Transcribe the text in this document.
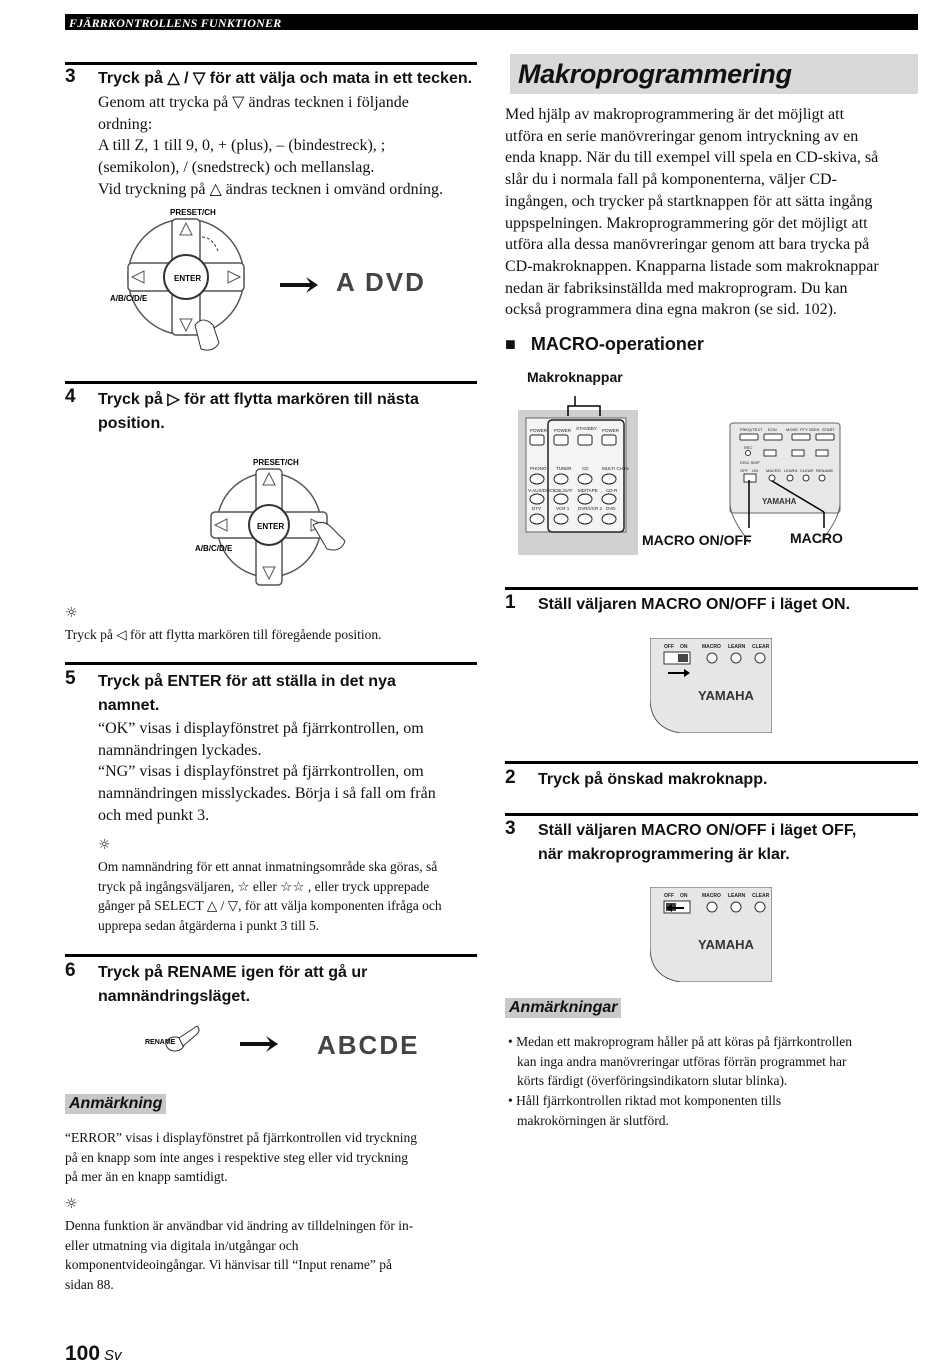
FJÄRRKONTROLLENS FUNKTIONER
3 Tryck på △ / ▽ för att välja och mata in ett tecken.
Genom att trycka på ▽ ändras tecknen i följande
ordning:
A till Z, 1 till 9, 0, + (plus), – (bindestreck), ;
(semikolon), / (snedstreck) och mellanslag.
Vid tryckning på △ ändras tecknen i omvänd ordning.
PRESET/CH
ENTER
A/B/C/D/E
A DVD
4 Tryck på ▷ för att flytta markören till nästa
position.
PRESET/CH
ENTER
A/B/C/D/E
☼
Tryck på ◁ för att flytta markören till föregående position.
5 Tryck på ENTER för att ställa in det nya
namnet.
“OK” visas i displayfönstret på fjärrkontrollen, om
namnändringen lyckades.
“NG” visas i displayfönstret på fjärrkontrollen, om
namnändringen misslyckades. Börja i så fall om från
och med punkt 3.
☼
Om namnändring för ett annat inmatningsområde ska göras, så
tryck på ingångsväljaren, ☆ eller ☆☆ , eller tryck upprepade
gånger på SELECT △ / ▽, för att välja komponenten ifråga och
upprepa sedan åtgärderna i punkt 3 till 5.
6 Tryck på RENAME igen för att gå ur
namnändringsläget.
RENAME	ABCDE
Anmärkning
“ERROR” visas i displayfönstret på fjärrkontrollen vid tryckning
på en knapp som inte anges i respektive steg eller vid tryckning
på mer än en knapp samtidigt.
☼
Denna funktion är användbar vid ändring av tilldelningen för in-
eller utmatning via digitala in/utgångar och
komponentvideoingångar. Vi hänvisar till “Input rename” på
sidan 88.
100 Sv
Makroprogrammering
Med hjälp av makroprogrammering är det möjligt att
utföra en serie manövreringar genom intryckning av en
enda knapp. När du till exempel vill spela en CD-skiva, så
slår du i normala fall på komponenterna, väljer CD-
ingången, och trycker på startknappen för att sätta ingång
uppspelningen. Makroprogrammering gör det möjligt att
utföra alla dessa manövreringar genom att bara trycka på
CD-makroknappen. Knapparna listade som makroknappar
nedan är fabriksinställda med makroprogram. Du kan
också programmera dina egna makron (se sid. 102).
■ MACRO-operationer
Makroknappar
POWER POWER STANDBY POWER
PHONO TUNER CD	MULTI CH IN
V-AUX/DOCK
CBL/SAT MD/TAPE CD-R
DTV	VCR 1 DVR/VCR 2 DVD
FREQ/TEXT EON MODE PTY SEEK START
REC
DISC SKIP
OFF ON MACRO LEARN CLEAR RENAME
YAMAHA
MACRO ON/OFF	MACRO
1 Ställ väljaren MACRO ON/OFF i läget ON.
OFF ON	MACRO LEARN CLEAR
YAMAHA
2 Tryck på önskad makroknapp.
3 Ställ väljaren MACRO ON/OFF i läget OFF,
när makroprogrammering är klar.
OFF ON	MACRO LEARN CLEAR
YAMAHA
Anmärkningar
• Medan ett makroprogram håller på att köras på fjärrkontrollen
kan inga andra manövreringar utföras förrän programmet har
körts färdigt (överföringsindikatorn slutar blinka).
• Håll fjärrkontrollen riktad mot komponenten tills
makrokörningen är slutförd.
